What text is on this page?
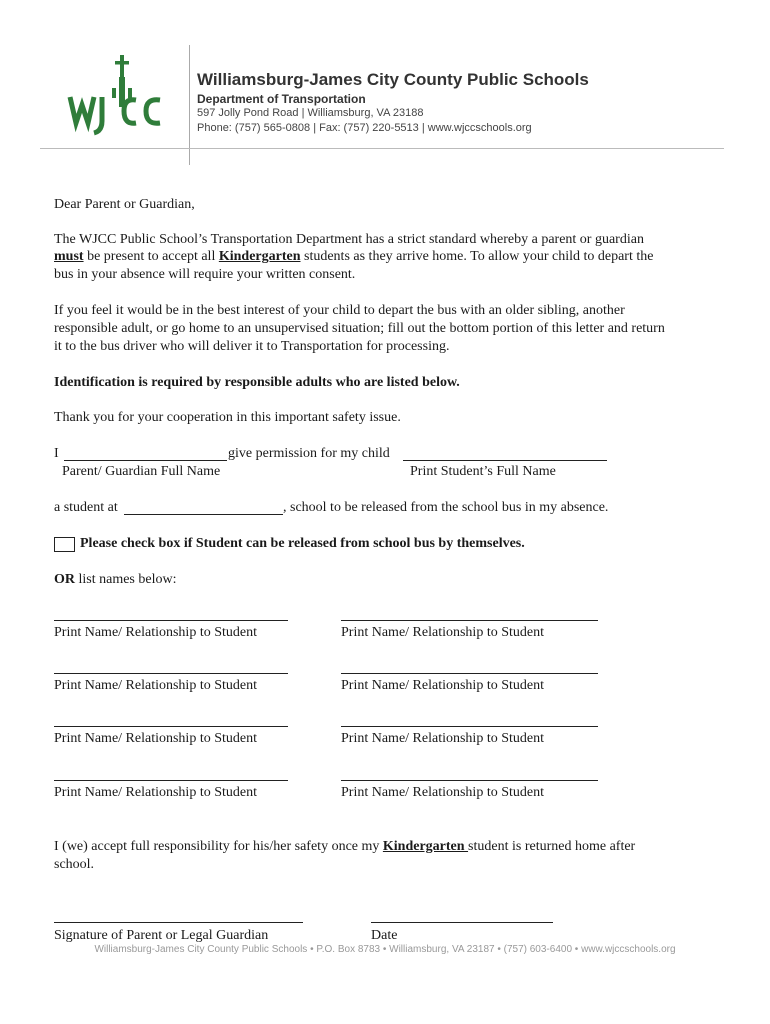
wjcc
Williamsburg-James City County Public Schools
Department of Transportation
597 Jolly Pond Road | Williamsburg, VA 23188
Phone: (757) 565-0808 | Fax: (757) 220-5513 | www.wjccschools.org
Dear Parent or Guardian,
The WJCC Public School’s Transportation Department has a strict standard whereby a parent or guardian
must be present to accept all Kindergarten students as they arrive home. To allow your child to depart the
bus in your absence will require your written consent.
If you feel it would be in the best interest of your child to depart the bus with an older sibling, another
responsible adult, or go home to an unsupervised situation; fill out the bottom portion of this letter and return
it to the bus driver who will deliver it to Transportation for processing.
Identification is required by responsible adults who are listed below.
Thank you for your cooperation in this important safety issue.
I	give permission for my child
Parent/ Guardian Full Name	Print Student’s Full Name
a student at	, school to be released from the school bus in my absence.
Please check box if Student can be released from school bus by themselves.
OR list names below:
Print Name/ Relationship to Student	Print Name/ Relationship to Student
Print Name/ Relationship to Student	Print Name/ Relationship to Student
Print Name/ Relationship to Student	Print Name/ Relationship to Student
Print Name/ Relationship to Student	Print Name/ Relationship to Student
I (we) accept full responsibility for his/her safety once my Kindergarten student is returned home after
school.
Signature of Parent or Legal Guardian	Date
Williamsburg-James City County Public Schools • P.O. Box 8783 • Williamsburg, VA 23187 • (757) 603-6400 • www.wjccschools.org
